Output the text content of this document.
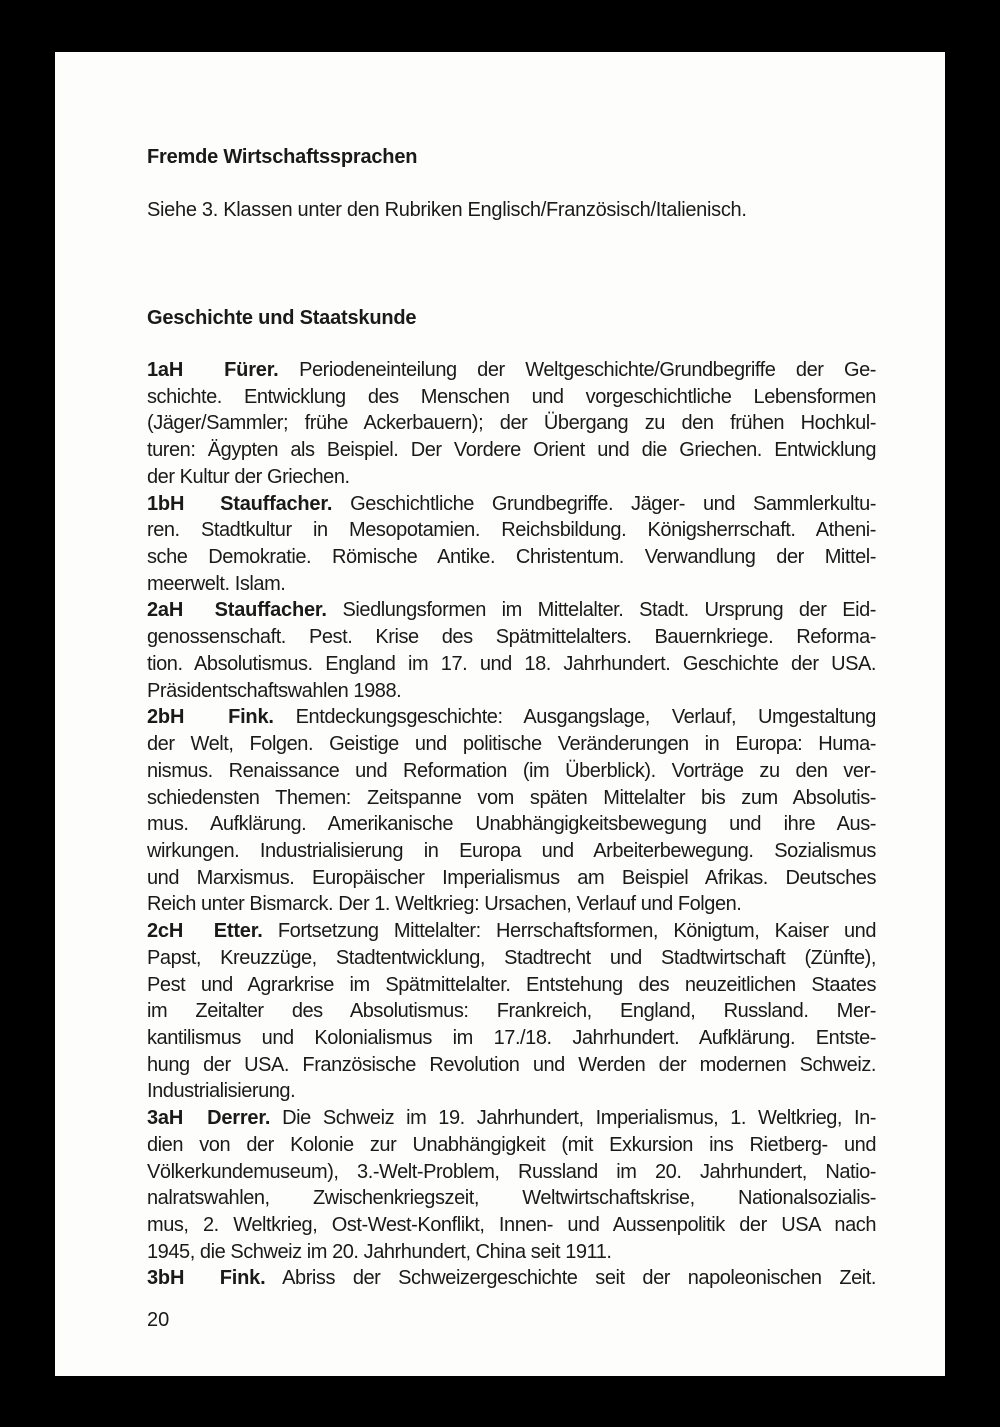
Fremde Wirtschaftssprachen
Siehe 3. Klassen unter den Rubriken Englisch/Französisch/Italienisch.
Geschichte und Staatskunde
1aH Fürer. Periodeneinteilung der Weltgeschichte/Grundbegriffe der Ge-
schichte. Entwicklung des Menschen und vorgeschichtliche Lebensformen
(Jäger/Sammler; frühe Ackerbauern); der Übergang zu den frühen Hochkul-
turen: Ägypten als Beispiel. Der Vordere Orient und die Griechen. Entwicklung
der Kultur der Griechen.
1bH Stauffacher. Geschichtliche Grundbegriffe. Jäger- und Sammlerkultu-
ren. Stadtkultur in Mesopotamien. Reichsbildung. Königsherrschaft. Atheni-
sche Demokratie. Römische Antike. Christentum. Verwandlung der Mittel-
meerwelt. Islam.
2aH Stauffacher. Siedlungsformen im Mittelalter. Stadt. Ursprung der Eid-
genossenschaft. Pest. Krise des Spätmittelalters. Bauernkriege. Reforma-
tion. Absolutismus. England im 17. und 18. Jahrhundert. Geschichte der USA.
Präsidentschaftswahlen 1988.
2bH Fink. Entdeckungsgeschichte: Ausgangslage, Verlauf, Umgestaltung
der Welt, Folgen. Geistige und politische Veränderungen in Europa: Huma-
nismus. Renaissance und Reformation (im Überblick). Vorträge zu den ver-
schiedensten Themen: Zeitspanne vom späten Mittelalter bis zum Absolutis-
mus. Aufklärung. Amerikanische Unabhängigkeitsbewegung und ihre Aus-
wirkungen. Industrialisierung in Europa und Arbeiterbewegung. Sozialismus
und Marxismus. Europäischer Imperialismus am Beispiel Afrikas. Deutsches
Reich unter Bismarck. Der 1. Weltkrieg: Ursachen, Verlauf und Folgen.
2cH Etter. Fortsetzung Mittelalter: Herrschaftsformen, Königtum, Kaiser und
Papst, Kreuzzüge, Stadtentwicklung, Stadtrecht und Stadtwirtschaft (Zünfte),
Pest und Agrarkrise im Spätmittelalter. Entstehung des neuzeitlichen Staates
im Zeitalter des Absolutismus: Frankreich, England, Russland. Mer-
kantilismus und Kolonialismus im 17./18. Jahrhundert. Aufklärung. Entste-
hung der USA. Französische Revolution und Werden der modernen Schweiz.
Industrialisierung.
3aH Derrer. Die Schweiz im 19. Jahrhundert, Imperialismus, 1. Weltkrieg, In-
dien von der Kolonie zur Unabhängigkeit (mit Exkursion ins Rietberg- und
Völkerkundemuseum), 3.-Welt-Problem, Russland im 20. Jahrhundert, Natio-
nalratswahlen, Zwischenkriegszeit, Weltwirtschaftskrise, Nationalsozialis-
mus, 2. Weltkrieg, Ost-West-Konflikt, Innen- und Aussenpolitik der USA nach
1945, die Schweiz im 20. Jahrhundert, China seit 1911.
3bH Fink. Abriss der Schweizergeschichte seit der napoleonischen Zeit.
20
